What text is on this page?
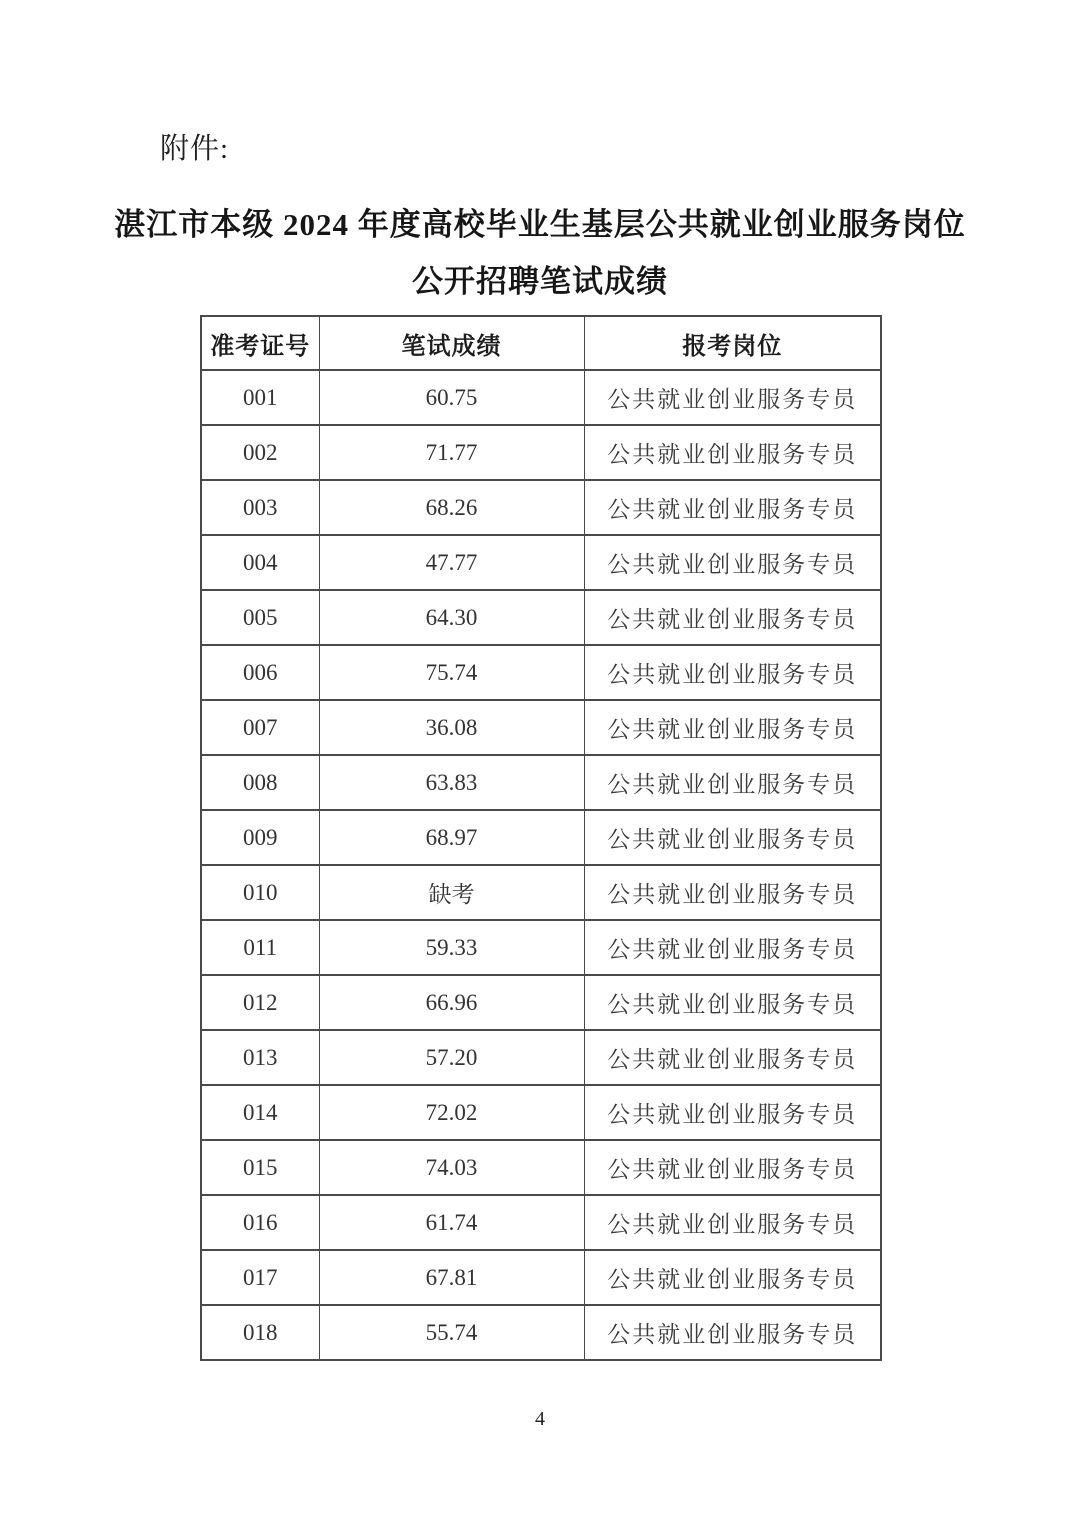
附件:
湛江市本级 2024 年度高校毕业生基层公共就业创业服务岗位
公开招聘笔试成绩
准考证号	笔试成绩	报考岗位
001	60.75	公共就业创业服务专员
002	71.77	公共就业创业服务专员
003	68.26	公共就业创业服务专员
004	47.77	公共就业创业服务专员
005	64.30	公共就业创业服务专员
006	75.74	公共就业创业服务专员
007	36.08	公共就业创业服务专员
008	63.83	公共就业创业服务专员
009	68.97	公共就业创业服务专员
010	缺考	公共就业创业服务专员
011	59.33	公共就业创业服务专员
012	66.96	公共就业创业服务专员
013	57.20	公共就业创业服务专员
014	72.02	公共就业创业服务专员
015	74.03	公共就业创业服务专员
016	61.74	公共就业创业服务专员
017	67.81	公共就业创业服务专员
018	55.74	公共就业创业服务专员
4
